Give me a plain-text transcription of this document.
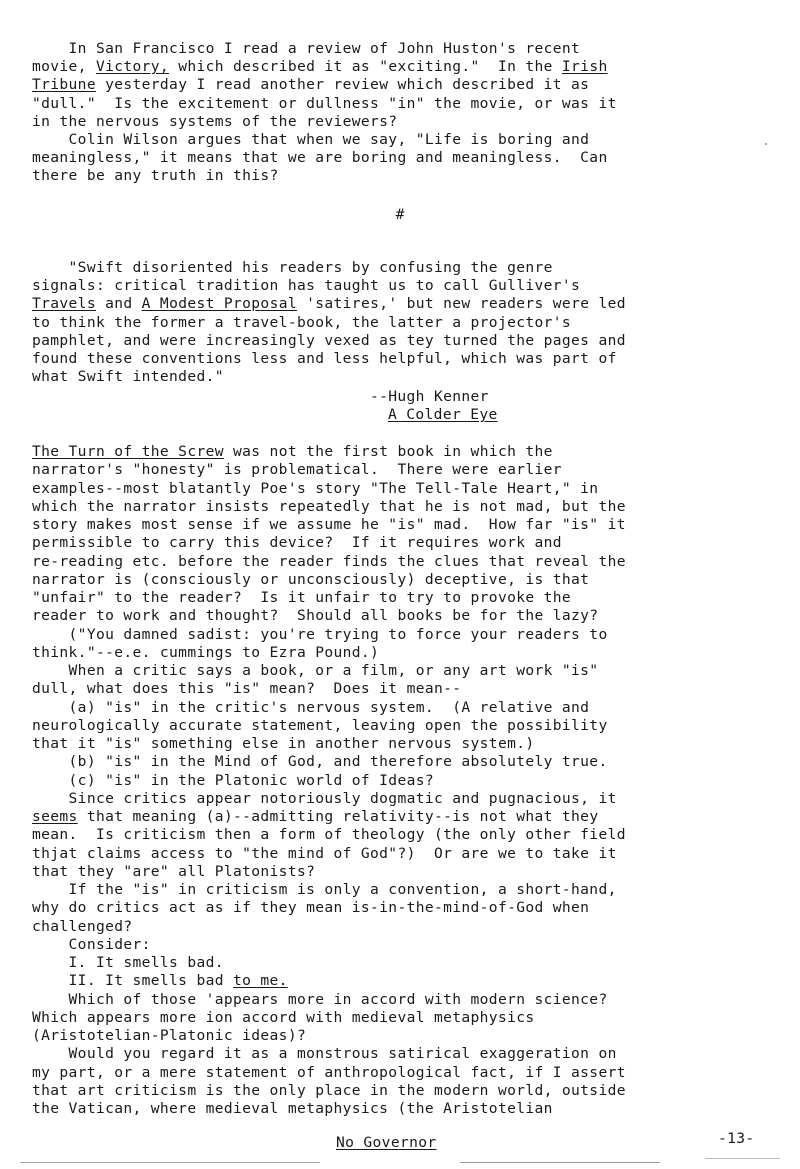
In San Francisco I read a review of John Huston's recent
movie, Victory, which described it as "exciting."  In the Irish
Tribune yesterday I read another review which described it as
"dull."  Is the excitement or dullness "in" the movie, or was it
in the nervous systems of the reviewers?
Colin Wilson argues that when we say, "Life is boring and
meaningless," it means that we are boring and meaningless.  Can
there be any truth in this?
#
"Swift disoriented his readers by confusing the genre
signals: critical tradition has taught us to call Gulliver's
Travels and A Modest Proposal 'satires,' but new readers were led
to think the former a travel-book, the latter a projector's
pamphlet, and were increasingly vexed as tey turned the pages and
found these conventions less and less helpful, which was part of
what Swift intended."
--Hugh Kenner
A Colder Eye
The Turn of the Screw was not the first book in which the
narrator's "honesty" is problematical.  There were earlier
examples--most blatantly Poe's story "The Tell-Tale Heart," in
which the narrator insists repeatedly that he is not mad, but the
story makes most sense if we assume he "is" mad.  How far "is" it
permissible to carry this device?  If it requires work and
re-reading etc. before the reader finds the clues that reveal the
narrator is (consciously or unconsciously) deceptive, is that
"unfair" to the reader?  Is it unfair to try to provoke the
reader to work and thought?  Should all books be for the lazy?
("You damned sadist: you're trying to force your readers to
think."--e.e. cummings to Ezra Pound.)
When a critic says a book, or a film, or any art work "is"
dull, what does this "is" mean?  Does it mean--
(a) "is" in the critic's nervous system.  (A relative and
neurologically accurate statement, leaving open the possibility
that it "is" something else in another nervous system.)
(b) "is" in the Mind of God, and therefore absolutely true.
(c) "is" in the Platonic world of Ideas?
Since critics appear notoriously dogmatic and pugnacious, it
seems that meaning (a)--admitting relativity--is not what they
mean.  Is criticism then a form of theology (the only other field
thjat claims access to "the mind of God"?)  Or are we to take it
that they "are" all Platonists?
If the "is" in criticism is only a convention, a short-hand,
why do critics act as if they mean is-in-the-mind-of-God when
challenged?
Consider:
I. It smells bad.
II. It smells bad to me.
Which of those 'appears more in accord with modern science?
Which appears more ion accord with medieval metaphysics
(Aristotelian-Platonic ideas)?
Would you regard it as a monstrous satirical exaggeration on
my part, or a mere statement of anthropological fact, if I assert
that art criticism is the only place in the modern world, outside
the Vatican, where medieval metaphysics (the Aristotelian
No Governor	-13-
